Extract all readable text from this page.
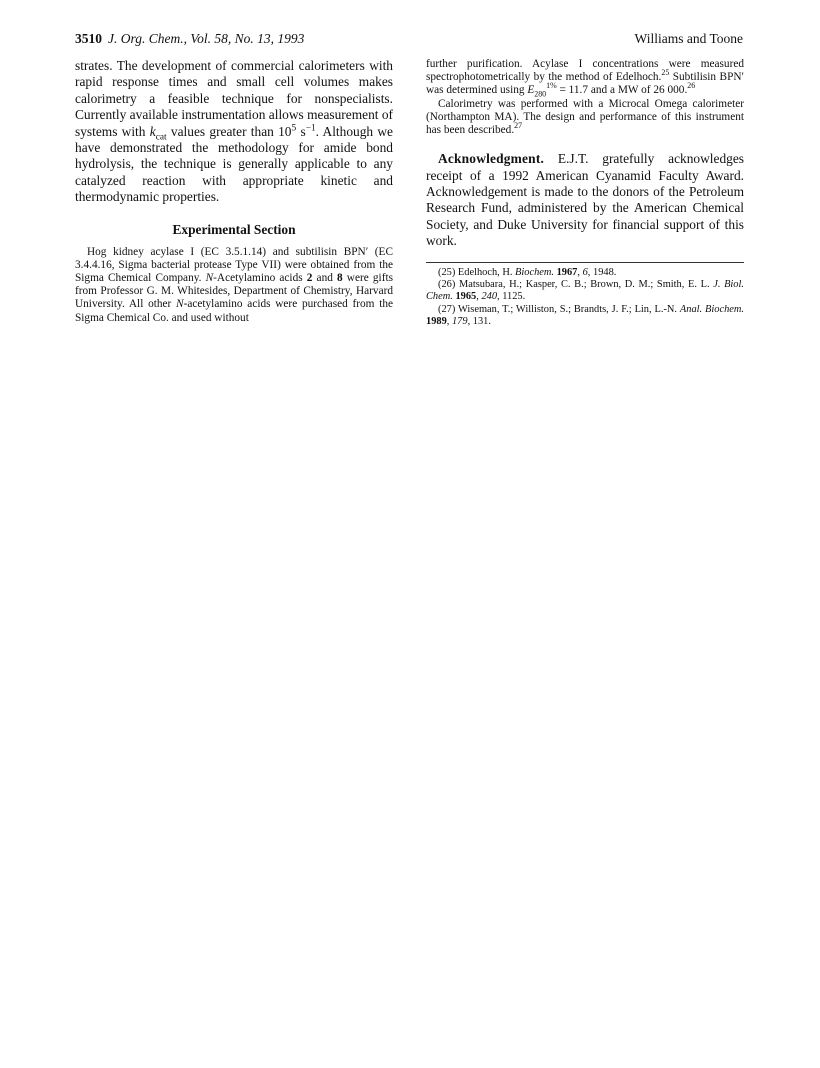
3510 J. Org. Chem., Vol. 58, No. 13, 1993	Williams and Toone

strates. The development of commercial calorimeters with rapid response times and small cell volumes makes calorimetry a feasible technique for nonspecialists. Currently available instrumentation allows measurement of systems with $k_{cat}$ values greater than $10^5$ $s^{-1}$. Although we have demonstrated the methodology for amide bond hydrolysis, the technique is generally applicable to any catalyzed reaction with appropriate kinetic and thermodynamic properties.

Experimental Section

Hog kidney acylase I (EC 3.5.1.14) and subtilisin BPN′ (EC 3.4.4.16, Sigma bacterial protease Type VII) were obtained from the Sigma Chemical Company. N-Acetylamino acids 2 and 8 were gifts from Professor G. M. Whitesides, Department of Chemistry, Harvard University. All other N-acetylamino acids were purchased from the Sigma Chemical Co. and used without

further purification. Acylase I concentrations were measured spectrophotometrically by the method of Edelhoch.$^{25}$ Subtilisin BPN′ was determined using $E_{280}^{1\%} = 11.7$ and a MW of 26 000.26

Calorimetry was performed with a Microcal Omega calorimeter (Northampton MA). The design and performance of this instrument has been described.$^{27}$

Acknowledgment. E.J.T. gratefully acknowledges receipt of a 1992 American Cyanamid Faculty Award. Acknowledgement is made to the donors of the Petroleum Research Fund, administered by the American Chemical Society, and Duke University for financial support of this work.

(25) Edelhoch, H. Biochem. 1967, 6, 1948.

(26) Matsubara, H.; Kasper, C. B.; Brown, D. M.; Smith, E. L. J. Biol. Chem. 1965, 240, 1125.

(27) Wiseman, T.; Williston, S.; Brandts, J. F.; Lin, L.-N. Anal. Biochem. 1989, 179, 131.
